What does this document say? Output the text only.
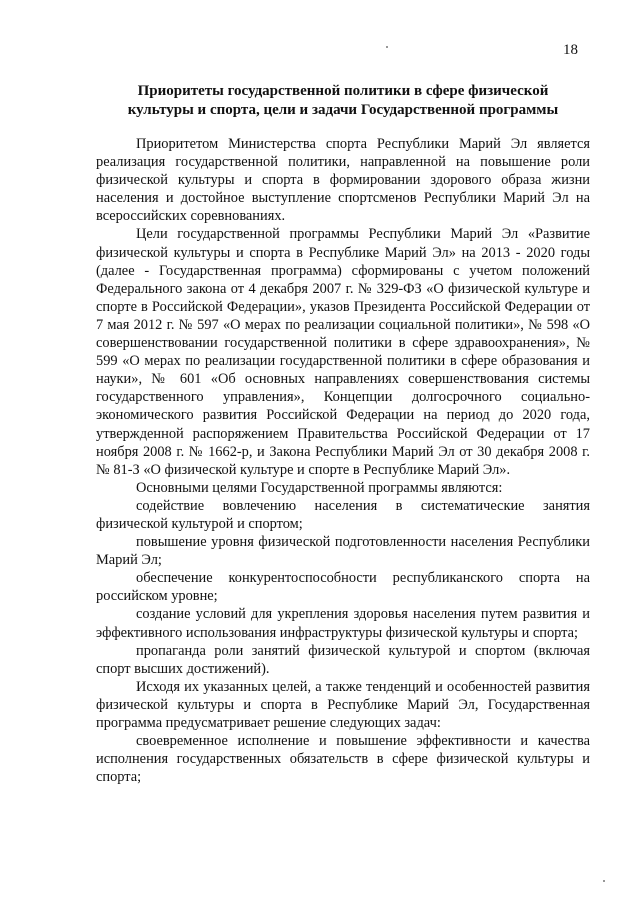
18

Приоритеты государственной политики в сфере физической
культуры и спорта, цели и задачи Государственной программы

Приоритетом Министерства спорта Республики Марий Эл является реализация государственной политики, направленной на повышение роли физической культуры и спорта в формировании здорового образа жизни населения и достойное выступление спортсменов Республики Марий Эл на всероссийских соревнованиях.

Цели государственной программы Республики Марий Эл «Развитие физической культуры и спорта в Республике Марий Эл» на 2013 - 2020 годы (далее - Государственная программа) сформированы с учетом положений Федерального закона от 4 декабря 2007 г. № 329-ФЗ «О физической культуре и спорте в Российской Федерации», указов Президента Российской Федерации от 7 мая 2012 г. № 597 «О мерах по реализации социальной политики», № 598 «О совершенствовании государственной политики в сфере здравоохранения», № 599 «О мерах по реализации государственной политики в сфере образования и науки», № 601 «Об основных направлениях совершенствования системы государственного управления», Концепции долгосрочного социально-экономического развития Российской Федерации на период до 2020 года, утвержденной распоряжением Правительства Российской Федерации от 17 ноября 2008 г. № 1662-р, и Закона Республики Марий Эл от 30 декабря 2008 г. № 81-З «О физической культуре и спорте в Республике Марий Эл».

Основными целями Государственной программы являются:

содействие вовлечению населения в систематические занятия физической культурой и спортом;

повышение уровня физической подготовленности населения Республики Марий Эл;

обеспечение конкурентоспособности республиканского спорта на российском уровне;

создание условий для укрепления здоровья населения путем развития и эффективного использования инфраструктуры физической культуры и спорта;

пропаганда роли занятий физической культурой и спортом (включая спорт высших достижений).

Исходя их указанных целей, а также тенденций и особенностей развития физической культуры и спорта в Республике Марий Эл, Государственная программа предусматривает решение следующих задач:

своевременное исполнение и повышение эффективности и качества исполнения государственных обязательств в сфере физической культуры и спорта;
